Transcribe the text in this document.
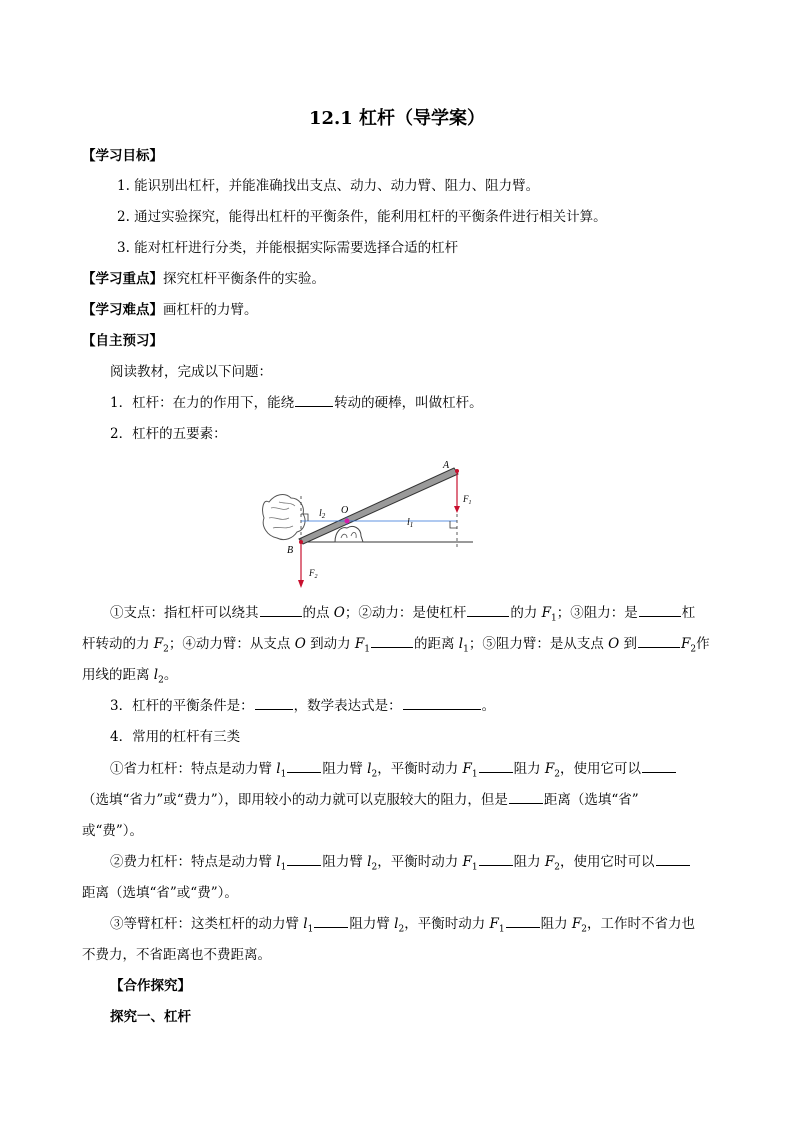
12.1 杠杆（导学案）
【学习目标】
1. 能识别出杠杆，并能准确找出支点、动力、动力臂、阻力、阻力臂。
2. 通过实验探究，能得出杠杆的平衡条件，能利用杠杆的平衡条件进行相关计算。
3. 能对杠杆进行分类，并能根据实际需要选择合适的杠杆
【学习重点】探究杠杆平衡条件的实验。
【学习难点】画杠杆的力臂。
【自主预习】
阅读教材，完成以下问题：
1．杠杆：在力的作用下，能绕	转动的硬棒，叫做杠杆。
2．杠杆的五要素：
A
B
O
$l_2$
$l_1$
$F_1$
$F_2$
①支点：指杠杆可以绕其	的点 O；②动力：是使杠杆	的力 $F_1$；③阻力：是	杠
杆转动的力 $F_2$；④动力臂：从支点 O 到动力 $F_1$	的距离 $l_1$；⑤阻力臂：是从支点 O 到	$F_2$作
用线的距离 $l_2$。
3．杠杆的平衡条件是：	，数学表达式是：	。
4．常用的杠杆有三类
①省力杠杆：特点是动力臂 $l_1$	阻力臂 $l_2$，平衡时动力 $F_1$	阻力 $F_2$，使用它可以
（选填“省力”或“费力”），即用较小的动力就可以克服较大的阻力，但是	距离（选填“省”
或“费”）。
②费力杠杆：特点是动力臂 $l_1$	阻力臂 $l_2$，平衡时动力 $F_1$	阻力 $F_2$，使用它时可以
距离（选填“省”或“费”）。
③等臂杠杆：这类杠杆的动力臂 $l_1$	阻力臂 $l_2$，平衡时动力 $F_1$	阻力 $F_2$，工作时不省力也
不费力，不省距离也不费距离。
【合作探究】
探究一、杠杆
